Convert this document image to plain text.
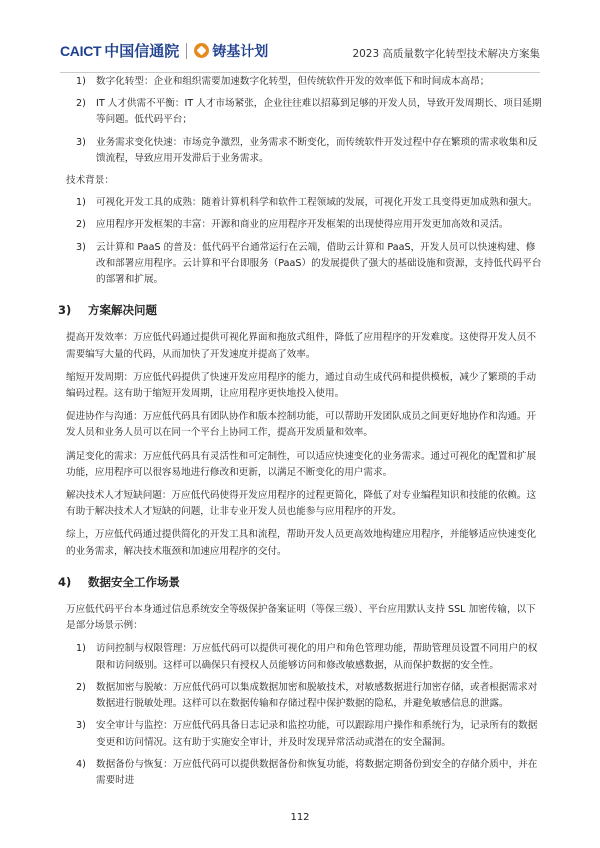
CAICT 中国信通院 铸基计划	2023 高质量数字化转型技术解决方案集
1) 数字化转型：企业和组织需要加速数字化转型，但传统软件开发的效率低下和时间成本高昂；
2) IT 人才供需不平衡：IT 人才市场紧张，企业往往难以招募到足够的开发人员，导致开发周期长、项目延期等问题。低代码平台；
3) 业务需求变化快速：市场竞争激烈，业务需求不断变化，而传统软件开发过程中存在繁琐的需求收集和反馈流程，导致应用开发滞后于业务需求。

技术背景：

1) 可视化开发工具的成熟：随着计算机科学和软件工程领域的发展，可视化开发工具变得更加成熟和强大。
2) 应用程序开发框架的丰富：开源和商业的应用程序开发框架的出现使得应用开发更加高效和灵活。
3) 云计算和 PaaS 的普及：低代码平台通常运行在云端，借助云计算和 PaaS，开发人员可以快速构建、修改和部署应用程序。云计算和平台即服务（PaaS）的发展提供了强大的基础设施和资源，支持低代码平台的部署和扩展。
3)	方案解决问题

提高开发效率：万应低代码通过提供可视化界面和拖放式组件，降低了应用程序的开发难度。这使得开发人员不需要编写大量的代码，从而加快了开发速度并提高了效率。

缩短开发周期：万应低代码提供了快速开发应用程序的能力，通过自动生成代码和提供模板，减少了繁琐的手动编码过程。这有助于缩短开发周期，让应用程序更快地投入使用。

促进协作与沟通：万应低代码具有团队协作和版本控制功能，可以帮助开发团队成员之间更好地协作和沟通。开发人员和业务人员可以在同一个平台上协同工作，提高开发质量和效率。

满足变化的需求：万应低代码具有灵活性和可定制性，可以适应快速变化的业务需求。通过可视化的配置和扩展功能，应用程序可以很容易地进行修改和更新，以满足不断变化的用户需求。

解决技术人才短缺问题：万应低代码使得开发应用程序的过程更简化，降低了对专业编程知识和技能的依赖。这有助于解决技术人才短缺的问题，让非专业开发人员也能参与应用程序的开发。

综上，万应低代码通过提供简化的开发工具和流程，帮助开发人员更高效地构建应用程序，并能够适应快速变化的业务需求，解决技术瓶颈和加速应用程序的交付。

4)	数据安全工作场景

万应低代码平台本身通过信息系统安全等级保护备案证明（等保三级）、平台应用默认支持 SSL 加密传输，以下是部分场景示例：

1) 访问控制与权限管理：万应低代码可以提供可视化的用户和角色管理功能，帮助管理员设置不同用户的权限和访问级别。这样可以确保只有授权人员能够访问和修改敏感数据，从而保护数据的安全性。
2) 数据加密与脱敏：万应低代码可以集成数据加密和脱敏技术，对敏感数据进行加密存储，或者根据需求对数据进行脱敏处理。这样可以在数据传输和存储过程中保护数据的隐私，并避免敏感信息的泄露。
3) 安全审计与监控：万应低代码具备日志记录和监控功能，可以跟踪用户操作和系统行为，记录所有的数据变更和访问情况。这有助于实施安全审计，并及时发现异常活动或潜在的安全漏洞。
4) 数据备份与恢复：万应低代码可以提供数据备份和恢复功能，将数据定期备份到安全的存储介质中，并在需要时进
112
